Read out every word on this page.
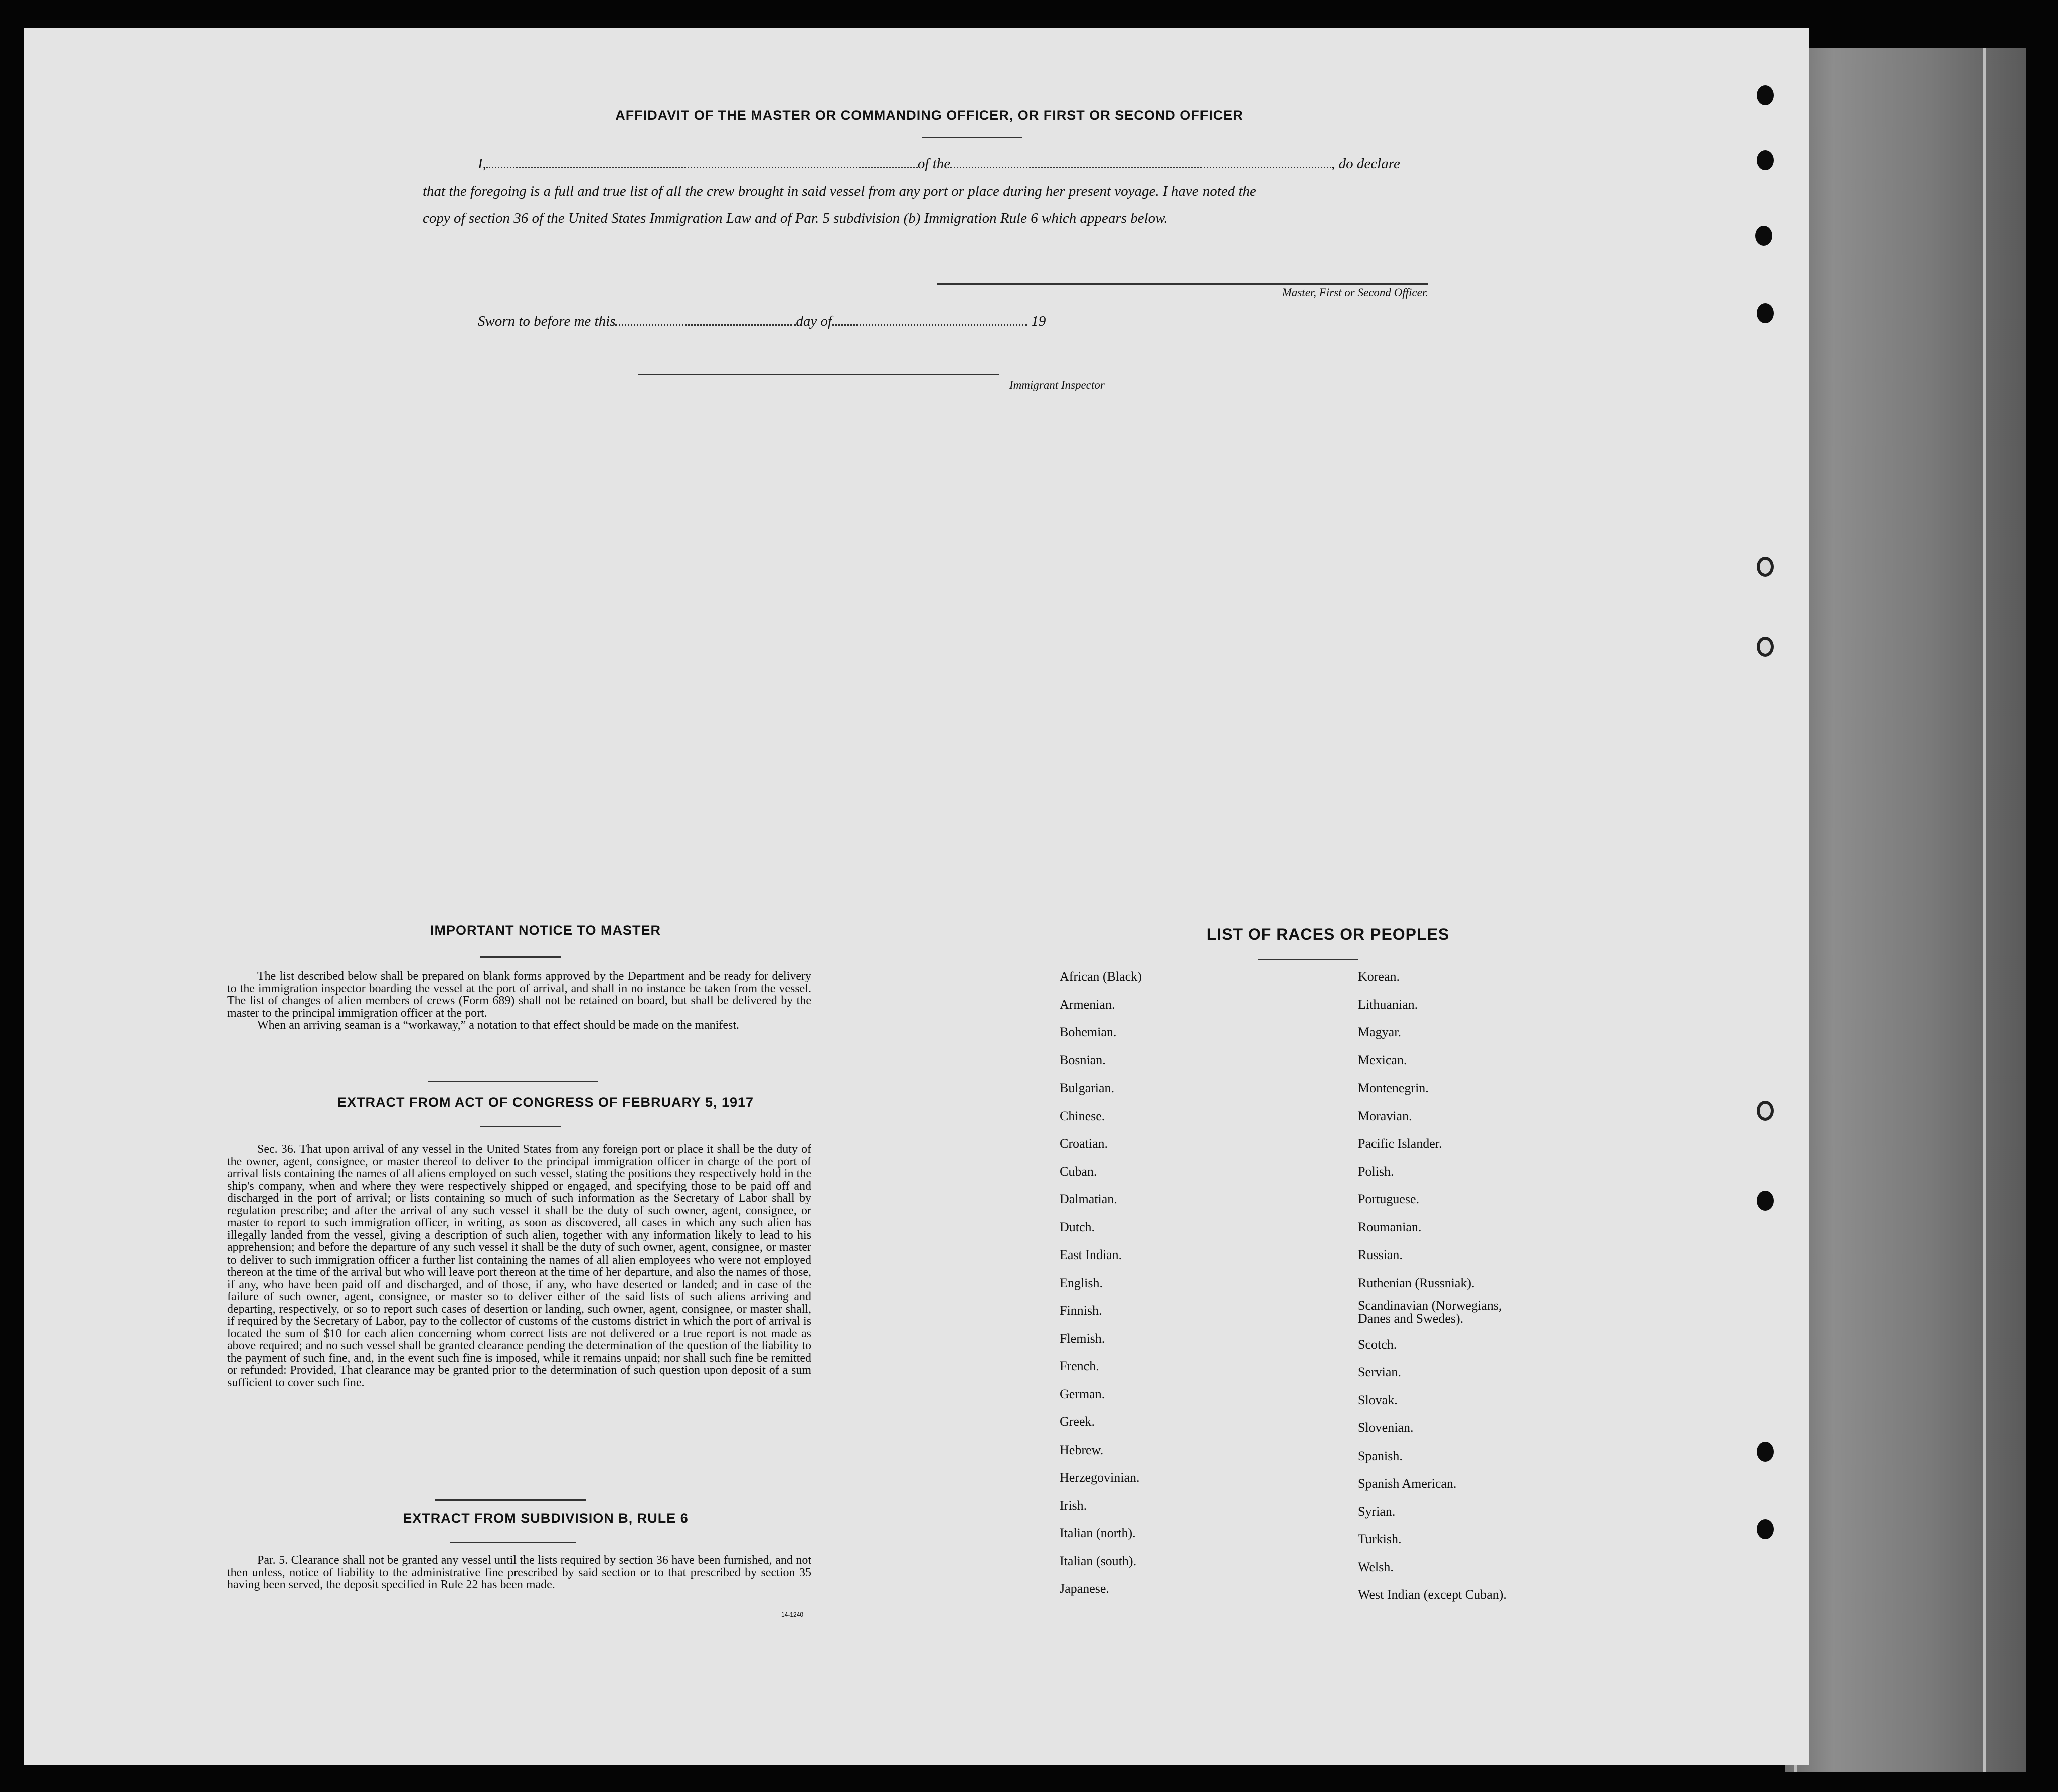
AFFIDAVIT OF THE MASTER OR COMMANDING OFFICER, OR FIRST OR SECOND OFFICER
I,	of the	, do declare
that the foregoing is a full and true list of all the crew brought in said vessel from any port or place during her present voyage. I have noted the
copy of section 36 of the United States Immigration Law and of Par. 5 subdivision (b) Immigration Rule 6 which appears below.
Master, First or Second Officer.
Sworn to before me this	day of	19
Immigrant Inspector
IMPORTANT NOTICE TO MASTER
The list described below shall be prepared on blank forms approved by the Department and be ready for delivery to the immigration inspector boarding the vessel at the port of arrival, and shall in no instance be taken from the vessel. The list of changes of alien members of crews (Form 689) shall not be retained on board, but shall be delivered by the master to the principal immigration officer at the port.
When an arriving seaman is a “workaway,” a notation to that effect should be made on the manifest.
EXTRACT FROM ACT OF CONGRESS OF FEBRUARY 5, 1917
Sec. 36. That upon arrival of any vessel in the United States from any foreign port or place it shall be the duty of the owner, agent, consignee, or master thereof to deliver to the principal immigration officer in charge of the port of arrival lists containing the names of all aliens employed on such vessel, stating the positions they respectively hold in the ship's company, when and where they were respectively shipped or engaged, and specifying those to be paid off and discharged in the port of arrival; or lists containing so much of such information as the Secretary of Labor shall by regulation prescribe; and after the arrival of any such vessel it shall be the duty of such owner, agent, consignee, or master to report to such immigration officer, in writing, as soon as discovered, all cases in which any such alien has illegally landed from the vessel, giving a description of such alien, together with any information likely to lead to his apprehension; and before the departure of any such vessel it shall be the duty of such owner, agent, consignee, or master to deliver to such immigration officer a further list containing the names of all alien employees who were not employed thereon at the time of the arrival but who will leave port thereon at the time of her departure, and also the names of those, if any, who have been paid off and discharged, and of those, if any, who have deserted or landed; and in case of the failure of such owner, agent, consignee, or master so to deliver either of the said lists of such aliens arriving and departing, respectively, or so to report such cases of desertion or landing, such owner, agent, consignee, or master shall, if required by the Secretary of Labor, pay to the collector of customs of the customs district in which the port of arrival is located the sum of $10 for each alien concerning whom correct lists are not delivered or a true report is not made as above required; and no such vessel shall be granted clearance pending the determination of the question of the liability to the payment of such fine, and, in the event such fine is imposed, while it remains unpaid; nor shall such fine be remitted or refunded: Provided, That clearance may be granted prior to the determination of such question upon deposit of a sum sufficient to cover such fine.
EXTRACT FROM SUBDIVISION B, RULE 6
Par. 5. Clearance shall not be granted any vessel until the lists required by section 36 have been furnished, and not then unless, notice of liability to the administrative fine prescribed by said section or to that prescribed by section 35 having been served, the deposit specified in Rule 22 has been made.
14-1240
LIST OF RACES OR PEOPLES
African (Black)
Armenian.
Bohemian.
Bosnian.
Bulgarian.
Chinese.
Croatian.
Cuban.
Dalmatian.
Dutch.
East Indian.
English.
Finnish.
Flemish.
French.
German.
Greek.
Hebrew.
Herzegovinian.
Irish.
Italian (north).
Italian (south).
Japanese.
Korean.
Lithuanian.
Magyar.
Mexican.
Montenegrin.
Moravian.
Pacific Islander.
Polish.
Portuguese.
Roumanian.
Russian.
Ruthenian (Russniak).
Scandinavian (Norwegians,
Danes and Swedes).
Scotch.
Servian.
Slovak.
Slovenian.
Spanish.
Spanish American.
Syrian.
Turkish.
Welsh.
West Indian (except Cuban).
